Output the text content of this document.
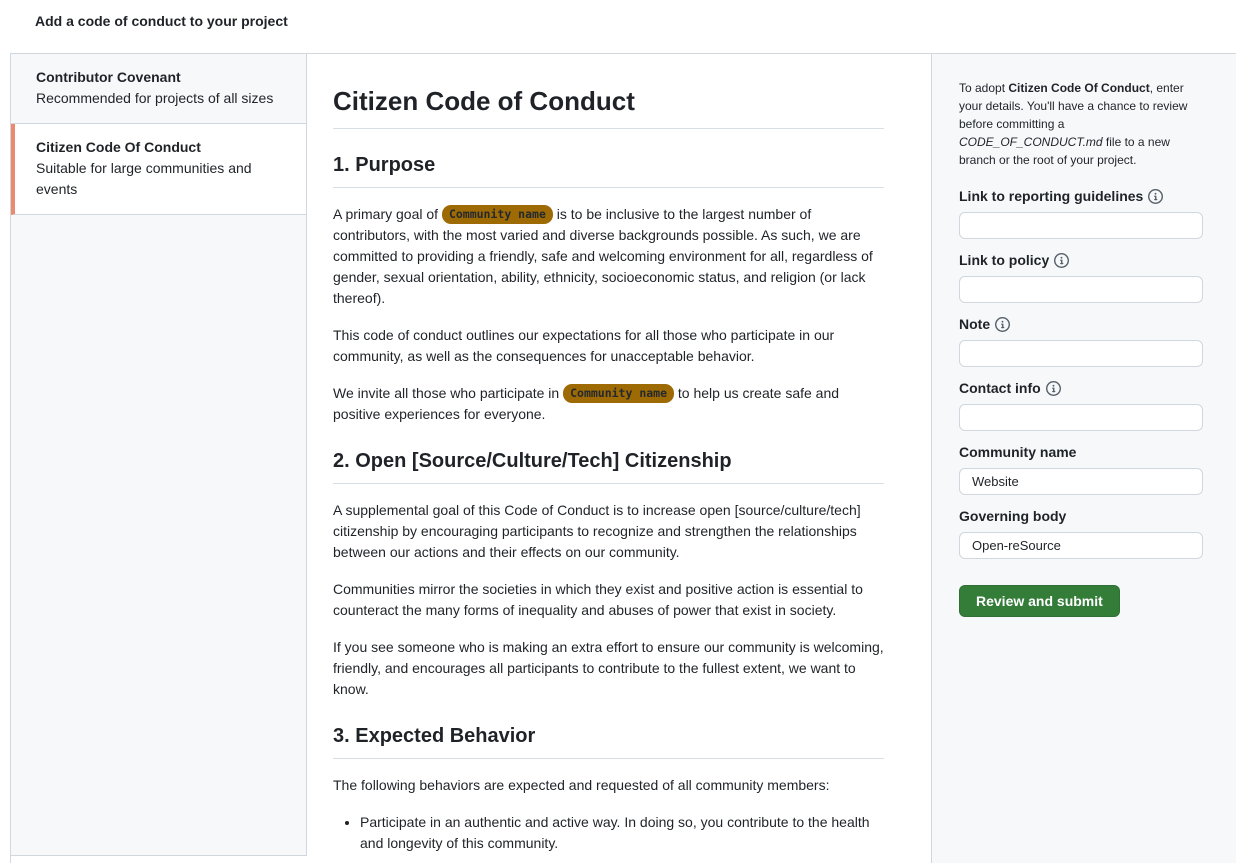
Add a code of conduct to your project
Contributor Covenant
Recommended for projects of all sizes
Citizen Code Of Conduct
Suitable for large communities and events
Citizen Code of Conduct
1. Purpose

A primary goal of Community name is to be inclusive to the largest number of contributors, with the most varied and diverse backgrounds possible. As such, we are committed to providing a friendly, safe and welcoming environment for all, regardless of gender, sexual orientation, ability, ethnicity, socioeconomic status, and religion (or lack thereof).

This code of conduct outlines our expectations for all those who participate in our community, as well as the consequences for unacceptable behavior.

We invite all those who participate in Community name to help us create safe and positive experiences for everyone.

2. Open [Source/Culture/Tech] Citizenship

A supplemental goal of this Code of Conduct is to increase open [source/culture/tech] citizenship by encouraging participants to recognize and strengthen the relationships between our actions and their effects on our community.

Communities mirror the societies in which they exist and positive action is essential to counteract the many forms of inequality and abuses of power that exist in society.

If you see someone who is making an extra effort to ensure our community is welcoming, friendly, and encourages all participants to contribute to the fullest extent, we want to know.

3. Expected Behavior

The following behaviors are expected and requested of all community members:

• Participate in an authentic and active way. In doing so, you contribute to the health and longevity of this community.

To adopt Citizen Code Of Conduct, enter your details. You'll have a chance to review before committing a CODE_OF_CONDUCT.md file to a new branch or the root of your project.

Link to reporting guidelines
Link to policy
Note
Contact info
Community name
Website
Governing body
Open-reSource
Review and submit
